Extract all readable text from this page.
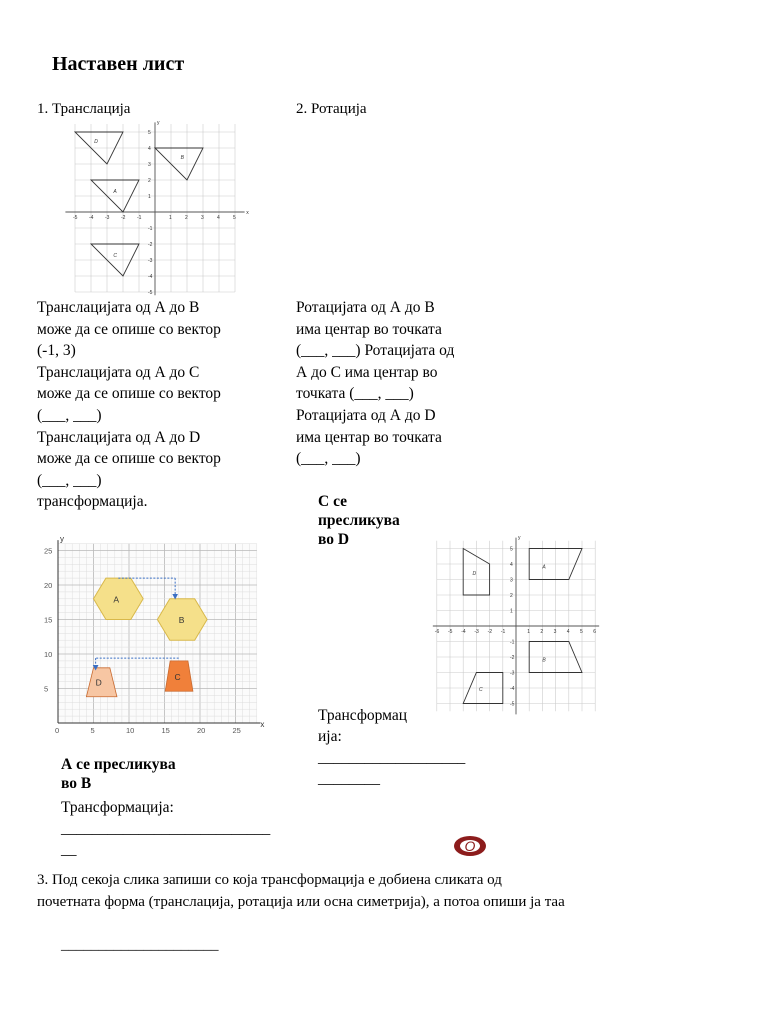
Наставен лист
1. Транслација	2. Ротација
x
y
-5 -4 -3 -2 -1	1	2	3	4	5
5
4
3
2
1
-1
-2
-3
-4
-5
D
B
A
C
Транслацијата од А до В
може да се опише со вектор
(-1, 3)
Транслацијата од А до С
може да се опише со вектор
(___, ___)
Транслацијата од А до D
може да се опише со вектор
(___, ___)
трансформација.
Ротацијата од А до В
има центар во точката
(___, ___) Ротацијата од
А до С има центар во
точката (___, ___)
Ротацијата од А до D
има центар во точката
(___, ___)
С се
пресликува
во D
x
y
0	5	10	15	20	25
5
10
15
20
25
A
B
D
C
y
-6 -5 -4 -3 -2 -1	1 2 3 4 5 6
5
4
3
2
1
-1
-2
-3
-4
-5
D
A
B
C
Трансформац
ија:
___________________
________
А се пресликува
во В
Трансформација:
___________________________
__	O
3. Под секоја слика запиши со која трансформација е добиена сликата од
почетната форма (транслација, ротација или осна симетрија), а потоа опиши ја таа
_____________________
